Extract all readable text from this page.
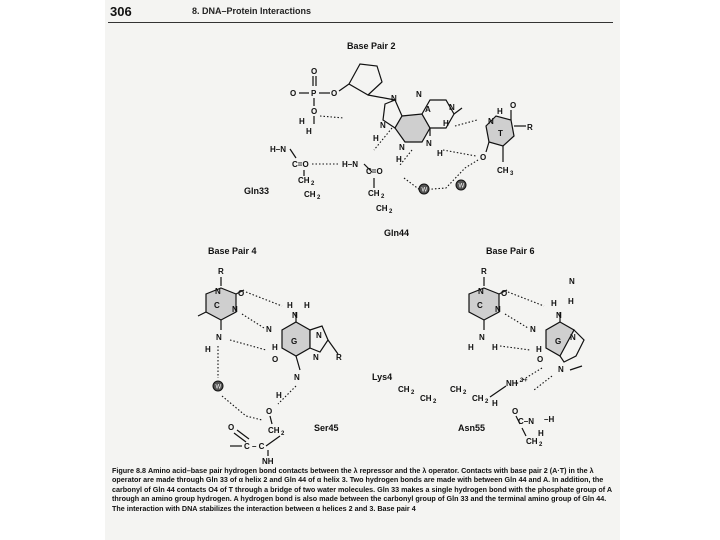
306	8. DNA–Protein Interactions
Base Pair 2
O
O P O
O	A
N
N
N
N
N
N
H
H
T
O
R
N
H
O
CH 3
H
H
H–N
C=O
CH 2
CH 2
Gln33
H–N
H
C=O
H
CH 2
CH 2
Gln44
W
W
Base Pair 4
R
C
N
N
O
N
H
G
N
H H
N
H
O
N
N R
N
H
O
CH 2
O
C – C
NH
Ser45
W
Base Pair 6
R
C
N
N
O
N
H
H
G
N
H H
N
N
H
O
N
N
Lys4
CH 2
CH 2
CH 2
CH 2
NH 3 +
H
O
C–N –H
H
CH 2
Asn55
Figure 8.8 Amino acid–base pair hydrogen bond contacts between the λ repressor and the λ operator. Contacts with base pair 2 (A·T) in the λ operator are made through Gln 33 of α helix 2 and Gln 44 of α helix 3. Two hydrogen bonds are made with between Gln 44 and A. In addition, the carbonyl of Gln 44 contacts O4 of T through a bridge of two water molecules. Gln 33 makes a single hydrogen bond with the phosphate group of A through an amino group hydrogen. A hydrogen bond is also made between the carbonyl group of Gln 33 and the terminal amino group of Gln 44. The interaction with DNA stabilizes the interaction between α helices 2 and 3. Base pair 4
